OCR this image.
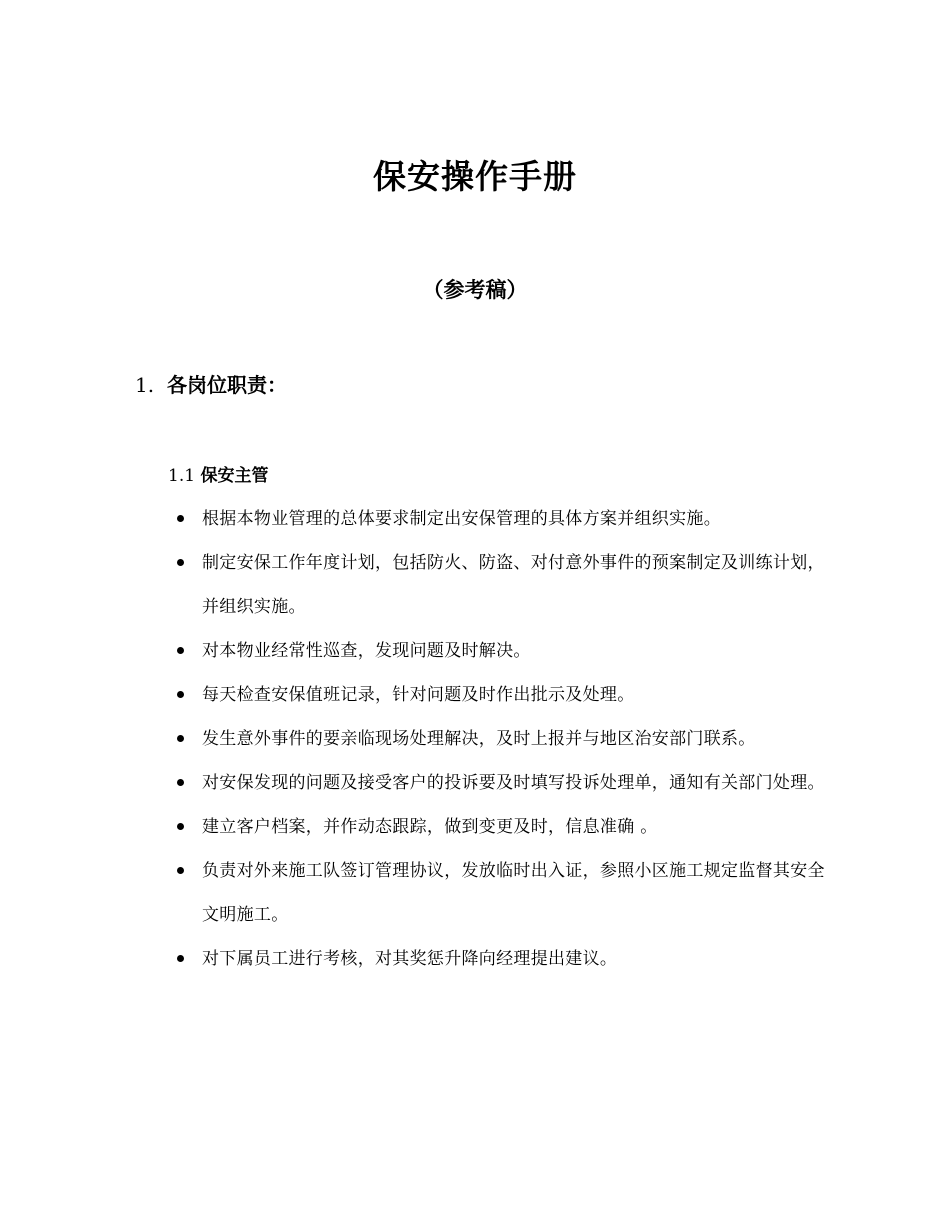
保安操作手册
（参考稿）
1. 各岗位职责：
1.1 保安主管
根据本物业管理的总体要求制定出安保管理的具体方案并组织实施。
制定安保工作年度计划，包括防火、防盗、对付意外事件的预案制定及训练计划，并组织实施。
对本物业经常性巡查，发现问题及时解决。
每天检查安保值班记录，针对问题及时作出批示及处理。
发生意外事件的要亲临现场处理解决，及时上报并与地区治安部门联系。
对安保发现的问题及接受客户的投诉要及时填写投诉处理单，通知有关部门处理。
建立客户档案，并作动态跟踪，做到变更及时，信息准确 。
负责对外来施工队签订管理协议，发放临时出入证，参照小区施工规定监督其安全文明施工。
对下属员工进行考核，对其奖惩升降向经理提出建议。
